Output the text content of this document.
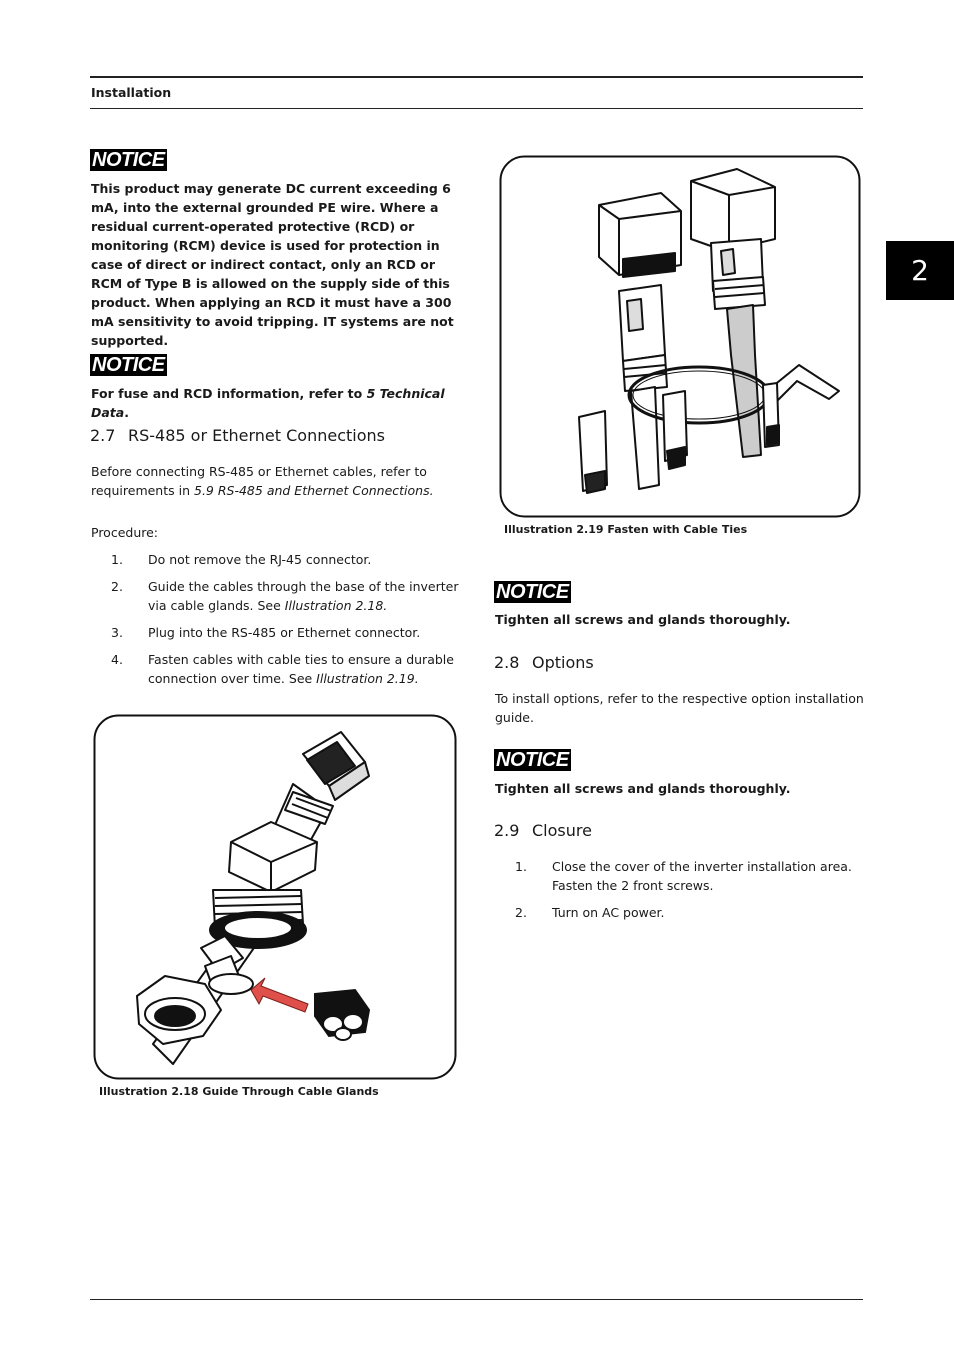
Installation
2
NOTICE
This product may generate DC current exceeding 6 mA, into the external grounded PE wire. Where a residual current-operated protective (RCD) or monitoring (RCM) device is used for protection in case of direct or indirect contact, only an RCD or RCM of Type B is allowed on the supply side of this product. When applying an RCD it must have a 300 mA sensitivity to avoid tripping. IT systems are not supported.
NOTICE
For fuse and RCD information, refer to 5 Technical Data.
2.7 RS-485 or Ethernet Connections
Before connecting RS-485 or Ethernet cables, refer to requirements in 5.9 RS-485 and Ethernet Connections.
Procedure:
1. Do not remove the RJ-45 connector.
2. Guide the cables through the base of the inverter via cable glands. See Illustration 2.18.
3. Plug into the RS-485 or Ethernet connector.
4. Fasten cables with cable ties to ensure a durable connection over time. See Illustration 2.19.
Illustration 2.18 Guide Through Cable Glands
Illustration 2.19 Fasten with Cable Ties
NOTICE
Tighten all screws and glands thoroughly.
2.8 Options
To install options, refer to the respective option installation guide.
NOTICE
Tighten all screws and glands thoroughly.
2.9 Closure
1. Close the cover of the inverter installation area. Fasten the 2 front screws.
2. Turn on AC power.
